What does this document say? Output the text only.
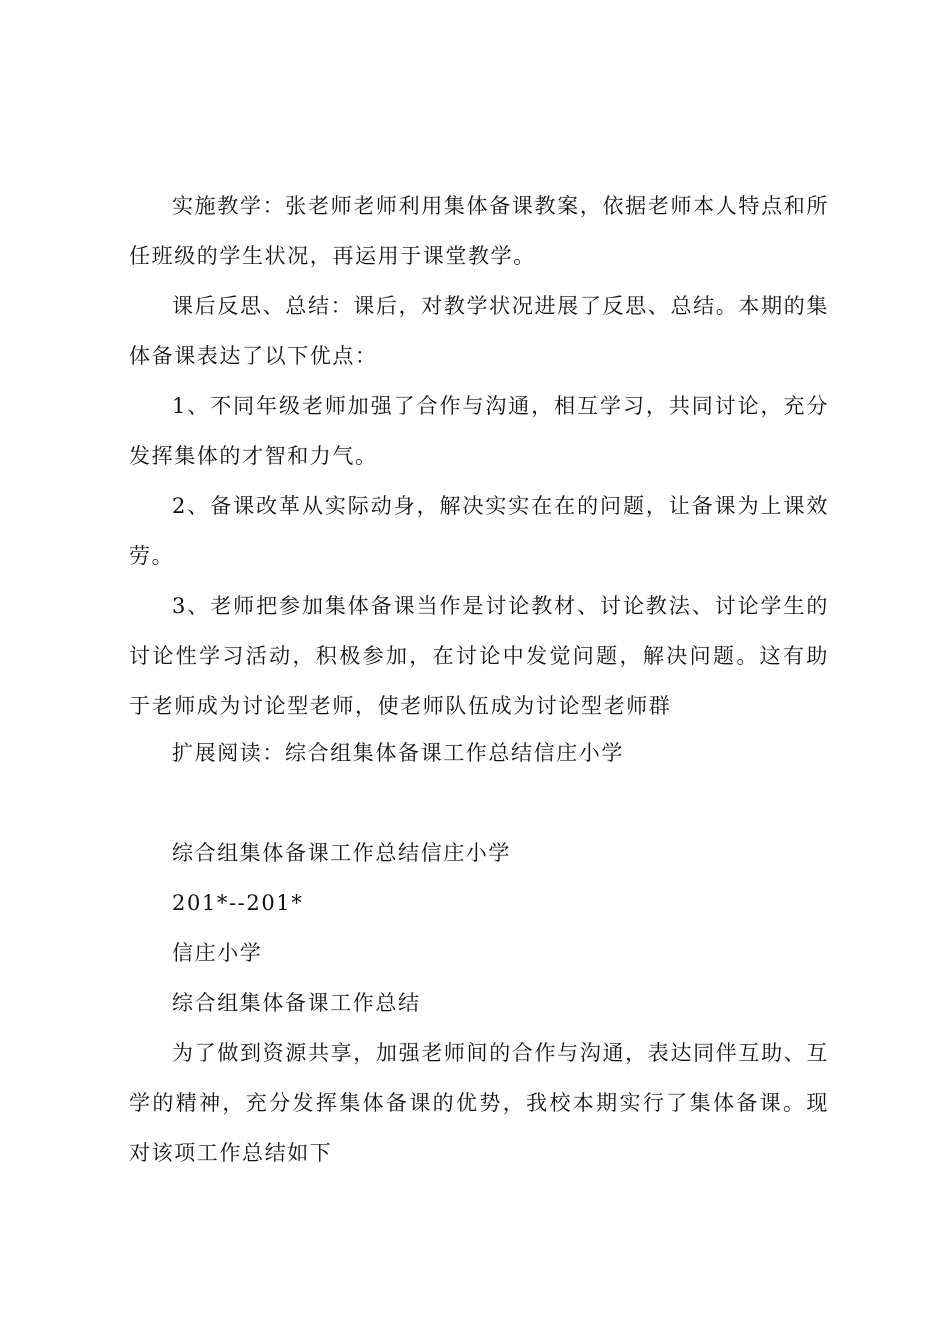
实施教学：张老师老师利用集体备课教案，依据老师本人特点和所任班级的学生状况，再运用于课堂教学。

课后反思、总结：课后，对教学状况进展了反思、总结。本期的集体备课表达了以下优点：

1、不同年级老师加强了合作与沟通，相互学习，共同讨论，充分发挥集体的才智和力气。

2、备课改革从实际动身，解决实实在在的问题，让备课为上课效劳。

3、老师把参加集体备课当作是讨论教材、讨论教法、讨论学生的讨论性学习活动，积极参加，在讨论中发觉问题，解决问题。这有助于老师成为讨论型老师，使老师队伍成为讨论型老师群

扩展阅读：综合组集体备课工作总结信庄小学

综合组集体备课工作总结信庄小学

201*--201*

信庄小学

综合组集体备课工作总结

为了做到资源共享，加强老师间的合作与沟通，表达同伴互助、互学的精神，充分发挥集体备课的优势，我校本期实行了集体备课。现对该项工作总结如下
